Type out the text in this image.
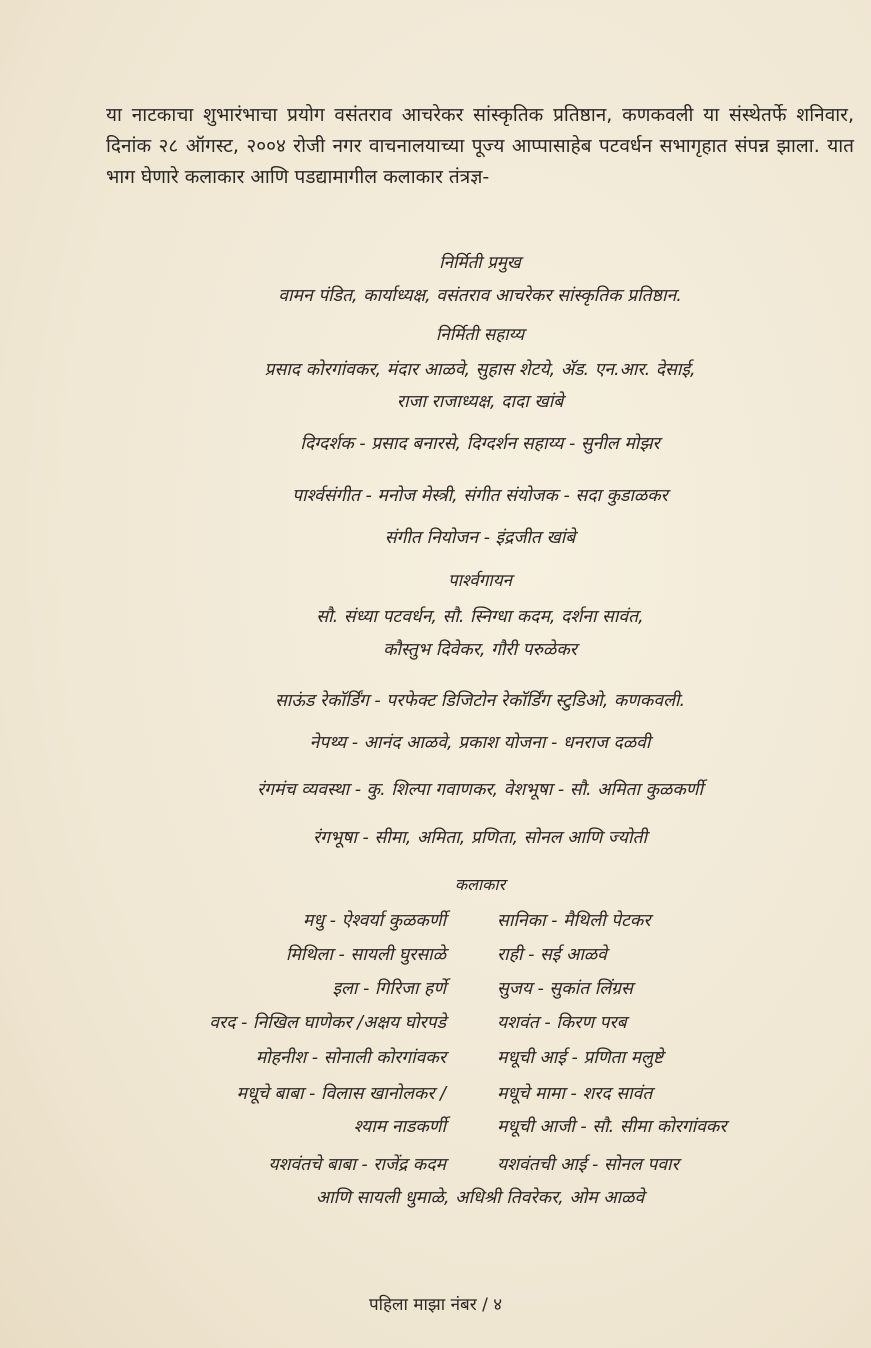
या नाटकाचा शुभारंभाचा प्रयोग वसंतराव आचरेकर सांस्कृतिक प्रतिष्ठान, कणकवली या संस्थेतर्फे शनिवार, दिनांक २८ ऑगस्ट, २००४ रोजी नगर वाचनालयाच्या पूज्य आप्पासाहेब पटवर्धन सभागृहात संपन्न झाला. यात भाग घेणारे कलाकार आणि पडद्यामागील कलाकार तंत्रज्ञ-

निर्मिती प्रमुख
वामन पंडित, कार्याध्यक्ष, वसंतराव आचरेकर सांस्कृतिक प्रतिष्ठान.
निर्मिती सहाय्य
प्रसाद कोरगांवकर, मंदार आळवे, सुहास शेटये, ॲड. एन.आर. देसाई,
राजा राजाध्यक्ष, दादा खांबे
दिग्दर्शक - प्रसाद बनारसे, दिग्दर्शन सहाय्य - सुनील मोझर
पार्श्वसंगीत - मनोज मेस्त्री, संगीत संयोजक - सदा कुडाळकर
संगीत नियोजन - इंद्रजीत खांबे
पार्श्वगायन
सौ. संध्या पटवर्धन, सौ. स्निग्धा कदम, दर्शना सावंत,
कौस्तुभ दिवेकर, गौरी परुळेकर
साऊंड रेकॉर्डिंग - परफेक्ट डिजिटोन रेकॉर्डिंग स्टुडिओ, कणकवली.
नेपथ्य - आनंद आळवे, प्रकाश योजना - धनराज दळवी
रंगमंच व्यवस्था - कु. शिल्पा गवाणकर, वेशभूषा - सौ. अमिता कुळकर्णी
रंगभूषा - सीमा, अमिता, प्रणिता, सोनल आणि ज्योती
कलाकार
मधु - ऐश्वर्या कुळकर्णी
मिथिला - सायली घुरसाळे
इला - गिरिजा हर्णे
वरद - निखिल घाणेकर /अक्षय घोरपडे
मोहनीश - सोनाली कोरगांवकर
मधूचे बाबा - विलास खानोलकर /
श्याम नाडकर्णी
यशवंतचे बाबा - राजेंद्र कदम
सानिका - मैथिली पेटकर
राही - सई आळवे
सुजय - सुकांत लिंग्रस
यशवंत - किरण परब
मधूची आई - प्रणिता मलुष्टे
मधूचे मामा - शरद सावंत
मधूची आजी - सौ. सीमा कोरगांवकर
यशवंतची आई - सोनल पवार
आणि सायली धुमाळे, अधिश्री तिवरेकर, ओम आळवे
पहिला माझा नंबर / ४
